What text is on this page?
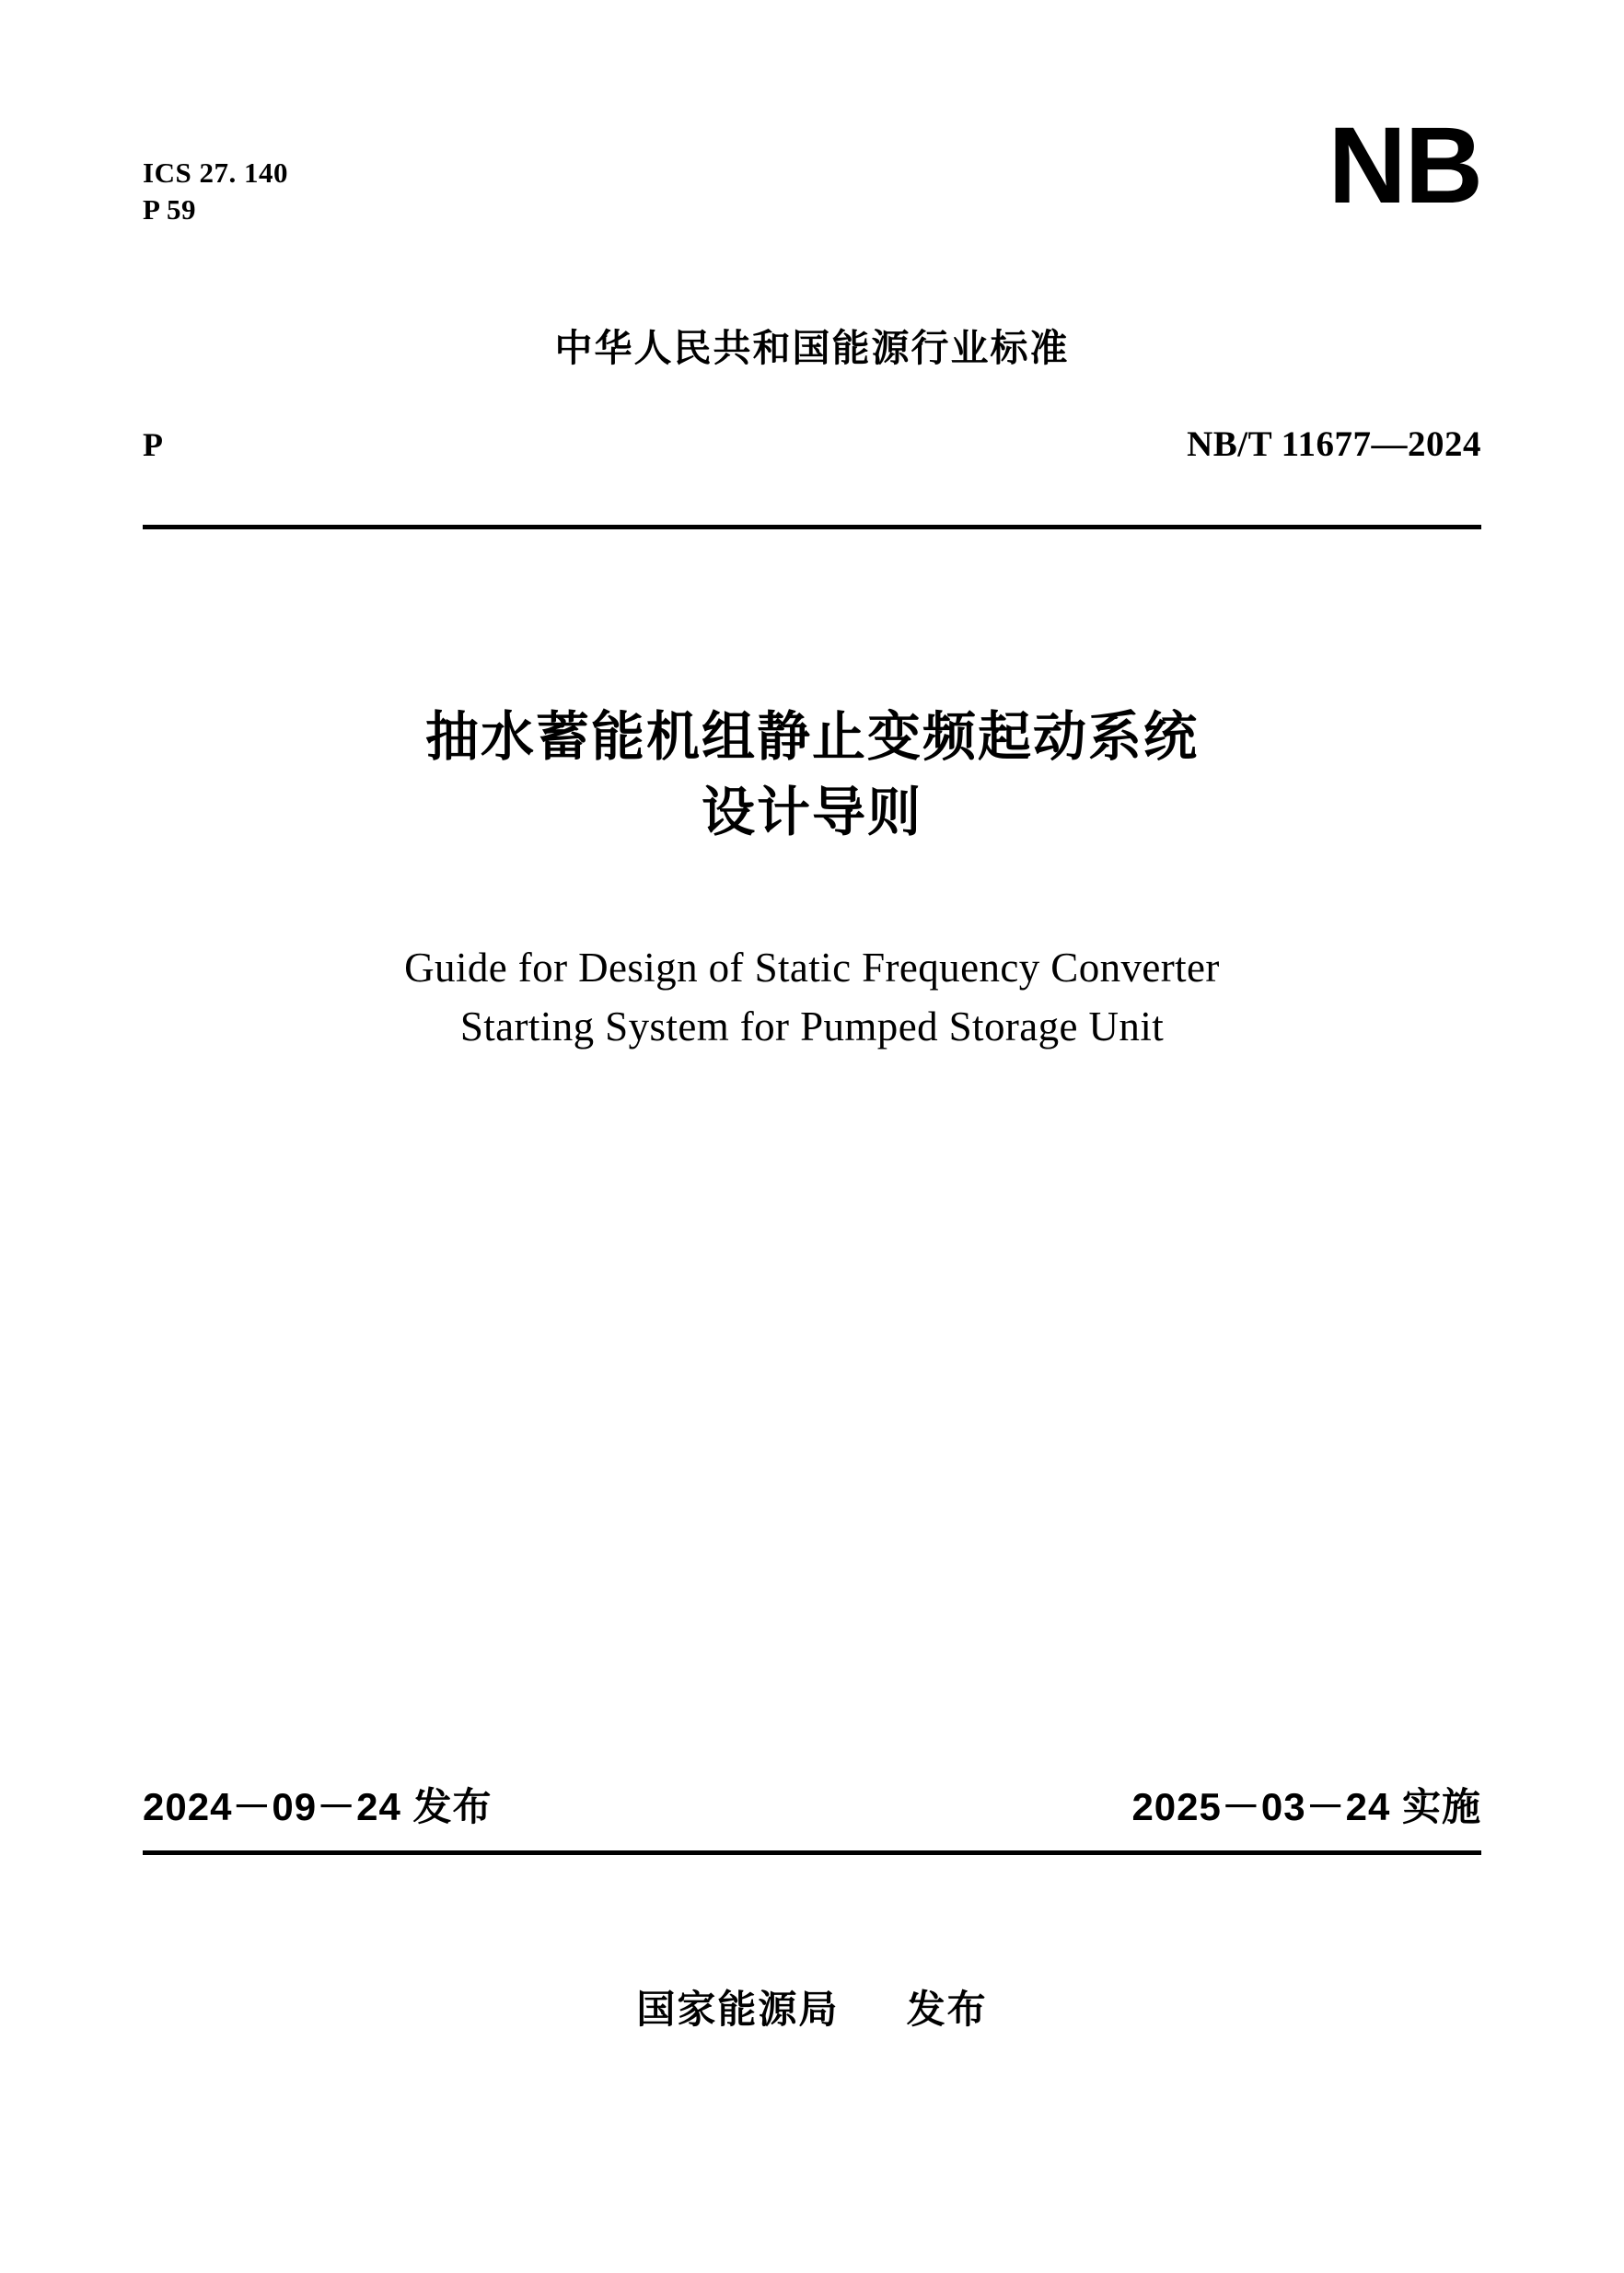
ICS 27. 140
P 59	NB
中华人民共和国能源行业标准
P	NB/T 11677—2024
抽水蓄能机组静止变频起动系统
设计导则
Guide for Design of Static Frequency Converter
Starting System for Pumped Storage Unit
2024－09－24 发布	2025－03－24 实施
国家能源局 发布
